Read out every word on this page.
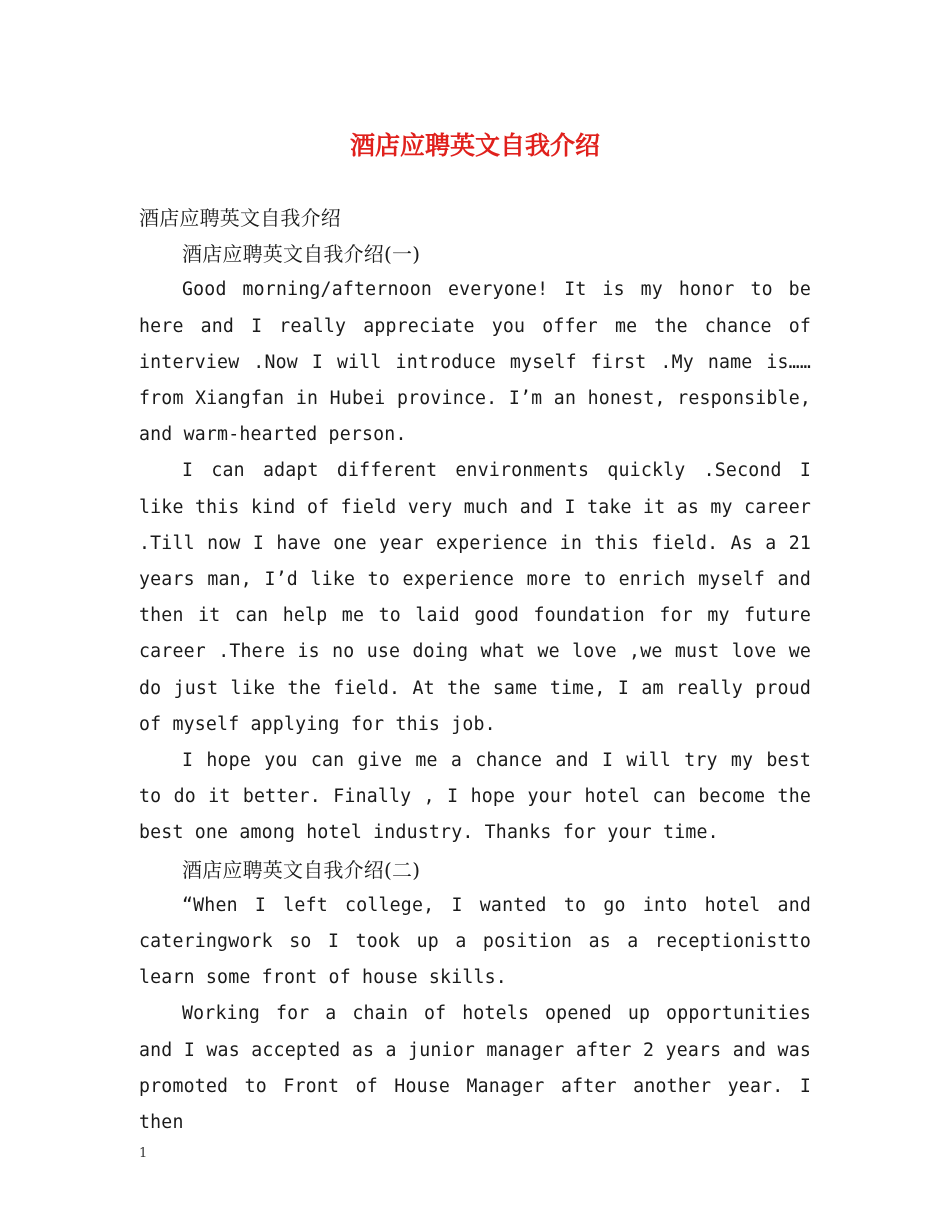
酒店应聘英文自我介绍

酒店应聘英文自我介绍

酒店应聘英文自我介绍(一)

Good morning/afternoon everyone! It is my honor to be here and I really appreciate you offer me the chance of interview .Now I will introduce myself first .My name is…… from Xiangfan in Hubei province. I’m an honest, responsible, and warm-hearted person.

I can adapt different environments quickly .Second I like this kind of field very much and I take it as my career .Till now I have one year experience in this field. As a 21 years man, I’d like to experience more to enrich myself and then it can help me to laid good foundation for my future career .There is no use doing what we love ,we must love we do just like the field. At the same time, I am really proud of myself applying for this job.

I hope you can give me a chance and I will try my best to do it better. Finally , I hope your hotel can become the best one among hotel industry. Thanks for your time.

酒店应聘英文自我介绍(二)

“When I left college, I wanted to go into hotel and cateringwork so I took up a position as a receptionistto learn some front of house skills.

Working for a chain of hotels opened up opportunities and I was accepted as a junior manager after 2 years and was promoted to Front of House Manager after another year. I then

1
